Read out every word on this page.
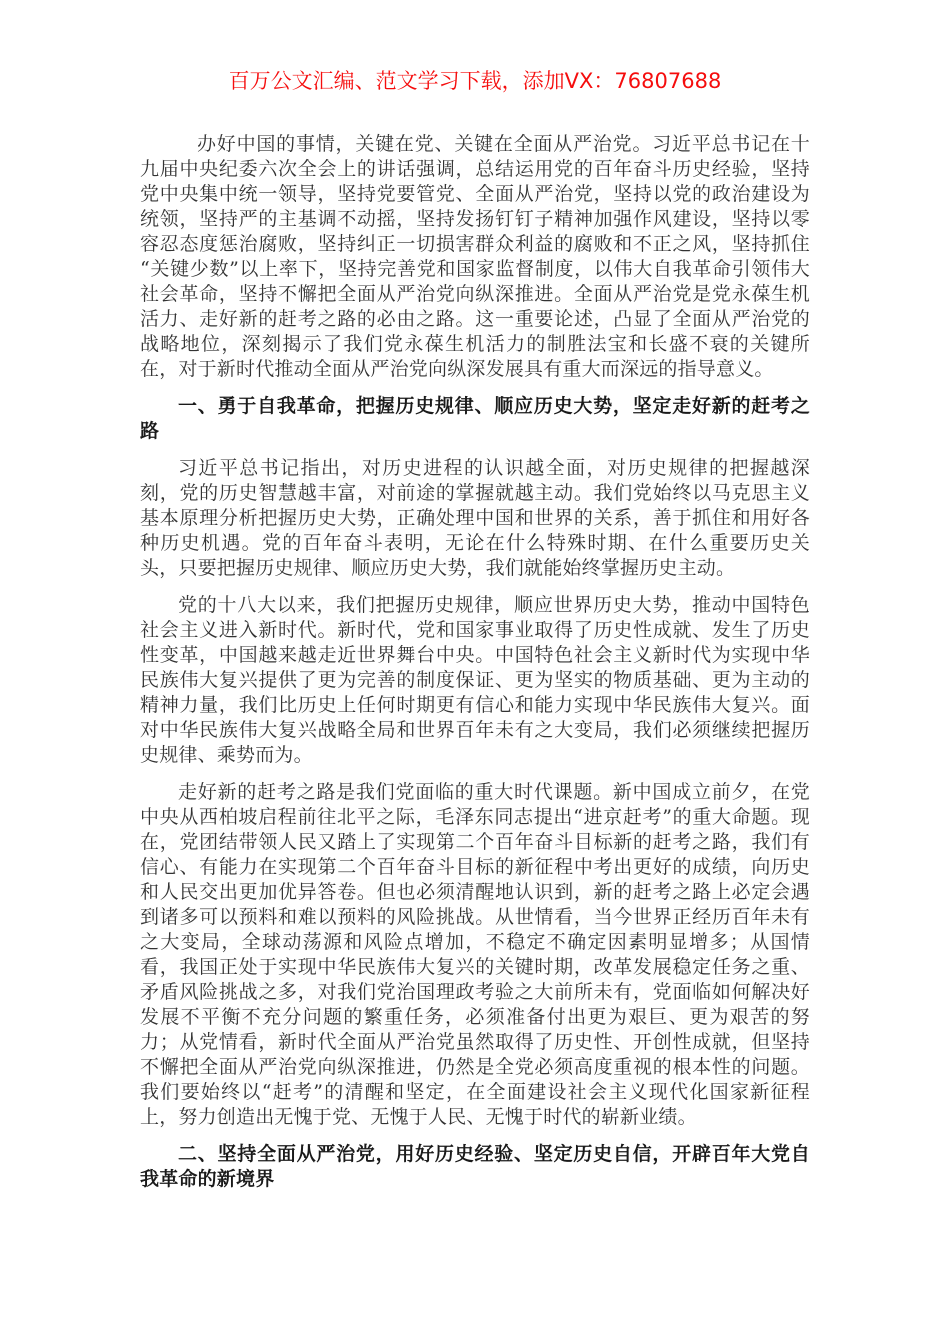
百万公文汇编、范文学习下载，添加VX：76807688

办好中国的事情，关键在党、关键在全面从严治党。习近平总书记在十九届中央纪委六次全会上的讲话强调，总结运用党的百年奋斗历史经验，坚持党中央集中统一领导，坚持党要管党、全面从严治党，坚持以党的政治建设为统领，坚持严的主基调不动摇，坚持发扬钉钉子精神加强作风建设，坚持以零容忍态度惩治腐败，坚持纠正一切损害群众利益的腐败和不正之风，坚持抓住“关键少数”以上率下，坚持完善党和国家监督制度，以伟大自我革命引领伟大社会革命，坚持不懈把全面从严治党向纵深推进。全面从严治党是党永葆生机活力、走好新的赶考之路的必由之路。这一重要论述，凸显了全面从严治党的战略地位，深刻揭示了我们党永葆生机活力的制胜法宝和长盛不衰的关键所在，对于新时代推动全面从严治党向纵深发展具有重大而深远的指导意义。

一、勇于自我革命，把握历史规律、顺应历史大势，坚定走好新的赶考之路

习近平总书记指出，对历史进程的认识越全面，对历史规律的把握越深刻，党的历史智慧越丰富，对前途的掌握就越主动。我们党始终以马克思主义基本原理分析把握历史大势，正确处理中国和世界的关系，善于抓住和用好各种历史机遇。党的百年奋斗表明，无论在什么特殊时期、在什么重要历史关头，只要把握历史规律、顺应历史大势，我们就能始终掌握历史主动。

党的十八大以来，我们把握历史规律，顺应世界历史大势，推动中国特色社会主义进入新时代。新时代，党和国家事业取得了历史性成就、发生了历史性变革，中国越来越走近世界舞台中央。中国特色社会主义新时代为实现中华民族伟大复兴提供了更为完善的制度保证、更为坚实的物质基础、更为主动的精神力量，我们比历史上任何时期更有信心和能力实现中华民族伟大复兴。面对中华民族伟大复兴战略全局和世界百年未有之大变局，我们必须继续把握历史规律、乘势而为。

走好新的赶考之路是我们党面临的重大时代课题。新中国成立前夕，在党中央从西柏坡启程前往北平之际，毛泽东同志提出“进京赶考”的重大命题。现在，党团结带领人民又踏上了实现第二个百年奋斗目标新的赶考之路，我们有信心、有能力在实现第二个百年奋斗目标的新征程中考出更好的成绩，向历史和人民交出更加优异答卷。但也必须清醒地认识到，新的赶考之路上必定会遇到诸多可以预料和难以预料的风险挑战。从世情看，当今世界正经历百年未有之大变局，全球动荡源和风险点增加，不稳定不确定因素明显增多；从国情看，我国正处于实现中华民族伟大复兴的关键时期，改革发展稳定任务之重、矛盾风险挑战之多，对我们党治国理政考验之大前所未有，党面临如何解决好发展不平衡不充分问题的繁重任务，必须准备付出更为艰巨、更为艰苦的努力；从党情看，新时代全面从严治党虽然取得了历史性、开创性成就，但坚持不懈把全面从严治党向纵深推进，仍然是全党必须高度重视的根本性的问题。我们要始终以“赶考”的清醒和坚定，在全面建设社会主义现代化国家新征程上，努力创造出无愧于党、无愧于人民、无愧于时代的崭新业绩。

二、坚持全面从严治党，用好历史经验、坚定历史自信，开辟百年大党自我革命的新境界
